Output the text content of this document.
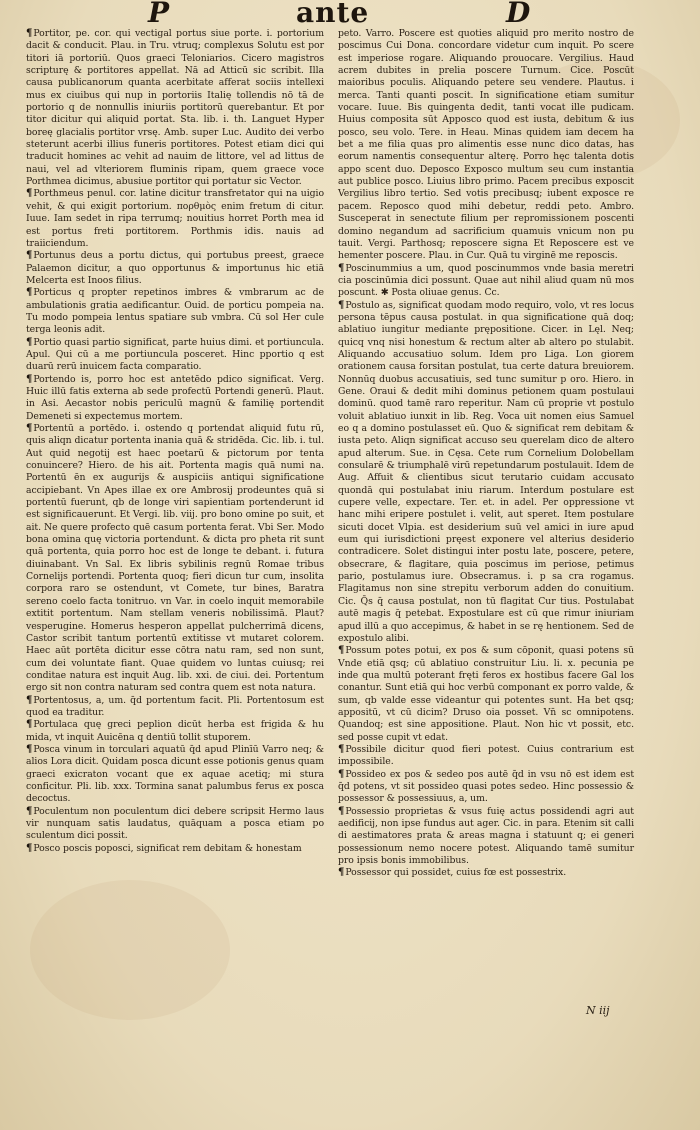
P	ante	D

¶Portitor, pe. cor. qui vectigal portus siue porte. i. portorium dacit & conducit. Plau. in Tru. vtruq; complexus Solutu est por titori iā portoriū. Quos graeci Teloniarios. Cicero magistros scripturę & portitores appellat. Nā ad Atticū sic scribit. Illa causa publicanorum quanta acerbitate afferat sociis intellexi mus ex ciuibus qui nup in portoriis Italię tollendis nō tā de portorio q de nonnullis iniuriis portitorū querebantur. Et por titor dicitur qui aliquid portat. Sta. lib. i. th. Languet Hyper boreę glacialis portitor vrsę. Amb. super Luc. Audito dei verbo steterunt acerbi illius funeris portitores. Potest etiam dici qui traducit homines ac vehit ad nauim de littore, vel ad littus de naui, vel ad vlteriorem fluminis ripam, quem graece voce Porthmea dicimus, abusiue portitor qui portatur sic Vector.

¶Porthmeus penul. cor. latine dicitur transfretator qui na uigio vehit, & qui exigit portorium. πορθμὸς enim fretum di citur. Iuue. Iam sedet in ripa terrumq; nouitius horret Porth mea id est portus freti portitorem. Porthmis idis. nauis ad traiiciendum.

¶Portunus deus a portu dictus, qui portubus preest, graece Palaemon dicitur, a quo opportunus & importunus hic etiā Melcerta est Inoos filius.

¶Porticus q propter repetinos imbres & vmbrarum ac de ambulationis gratia aedificantur. Ouid. de porticu pompeia na. Tu modo pompeia lentus spatiare sub vmbra. Cū sol Her cule terga leonis adit.

¶Portio quasi partio significat, parte huius dimi. et portiuncula. Apul. Qui cū a me portiuncula posceret. Hinc pportio q est duarū rerū inuicem facta comparatio.

¶Portendo is, porro hoc est antetēdo pdico significat. Verg. Huic illū fatis externa ab sede profectū Portendi generū. Plaut. in Asi. Aecastor nobis periculū magnū & familię portendit Demeneti si expectemus mortem.

¶Portentū a portēdo. i. ostendo q portendat aliquid futu rū, quis aliqn dicatur portenta inania quā & stridēda. Cic. lib. i. tul. Aut quid negotij est haec poetarū & pictorum por tenta conuincere? Hiero. de his ait. Portenta magis quā numi na. Portentū ēn ex augurijs & auspiciis antiqui significatione accipiebant. Vn Apes illae ex ore Ambrosij prodeuntes quā si portentū fuerunt, qb de longe viri sapientiam portenderunt id est significauerunt. Et Vergi. lib. viij. pro bono omine po suit, et ait. Ne quere profecto quē casum portenta ferat. Vbi Ser. Modo bona omina quę victoria portendunt. & dicta pro pheta rit sunt quā portenta, quia porro hoc est de longe te debant. i. futura diuinabant. Vn Sal. Ex libris sybilinis regnū Romae tribus Cornelijs portendi. Portenta quoq; fieri dicun tur cum, insolita corpora raro se ostendunt, vt Comete, tur bines, Baratra sereno coelo facta tonitruo. vn Var. in coelo inquit memorabile extitit portentum. Nam stellam veneris nobilissimā. Plaut? vesperugine. Homerus hesperon appellat pulcherrimā dicens, Castor scribit tantum portentū extitisse vt mutaret colorem. Haec aūt portēta dicitur esse cōtra natu ram, sed non sunt, cum dei voluntate fiant. Quae quidem vo luntas cuiusq; rei conditae natura est inquit Aug. lib. xxi. de ciui. dei. Portentum ergo sit non contra naturam sed contra quem est nota natura.

¶Portentosus, a, um. q̄d portentum facit. Pli. Portentosum est quod ea traditur.

¶Portulaca quę greci peplion dicūt herba est frigida & hu mida, vt inquit Auicēna q dentiū tollit stuporem.

¶Posca vinum in torculari aquatū q̄d apud Plinīū Varro neq; & alios Lora dicit. Quidam posca dicunt esse potionis genus quam graeci exicraton vocant que ex aquae acetiq; mi stura conficitur. Pli. lib. xxx. Tormina sanat palumbus ferus ex posca decoctus.

¶Poculentum non poculentum dici debere scripsit Hermo laus vir nunquam satis laudatus, quāquam a posca etiam po sculentum dici possit.

¶Posco poscis poposci, significat rem debitam & honestam

peto. Varro. Poscere est quoties aliquid pro merito nostro de poscimus Cui Dona. concordare videtur cum inquit. Po scere est imperiose rogare. Aliquando prouocare. Vergilius. Haud acrem dubites in prelia poscere Turnum. Cice. Poscūt maioribus poculis. Aliquando petere seu vendere. Plautus. i merca. Tanti quanti poscit. In significatione etiam sumitur vocare. Iuue. Bis quingenta dedit, tanti vocat ille pudicam. Huius composita sūt Apposco quod est iusta, debitum & ius posco, seu volo. Tere. in Heau. Minas quidem iam decem ha bet a me filia quas pro alimentis esse nunc dico datas, has eorum namentis consequentur alterę. Porro hęc talenta dotis appo scent duo. Deposco Exposco multum seu cum instantia aut publice posco. Liuius libro primo. Pacem precibus exposcit Vergilius libro tertio. Sed votis precibusq; iubent exposce re pacem. Reposco quod mihi debetur, reddi peto. Ambro. Susceperat in senectute filium per repromissionem poscenti domino negandum ad sacrificium quamuis vnicum non pu tauit. Vergi. Parthosq; reposcere signa Et Reposcere est ve hementer poscere. Plau. in Cur. Quā tu virginē me reposcis.

¶Poscinummius a um, quod poscinummos vnde basia meretri cia poscinūmia dici possunt. Quae aut nihil aliud quam nū mos poscunt. ✱ Posta oliuae genus. Cc.

¶Postulo as, significat quodam modo requiro, volo, vt res locus persona tēpus causa postulat. in qua significatione quā doq; ablatiuo iungitur mediante prępositione. Cicer. in Lęl. Neq; quicq vnq nisi honestum & rectum alter ab altero po stulabit. Aliquando accusatiuo solum. Idem pro Liga. Lon giorem orationem causa forsitan postulat, tua certe datura breuiorem. Nonnūq duobus accusatiuis, sed tunc sumitur p oro. Hiero. in Gene. Oraui & dedit mihi dominus petionem quam postulaui dominū. quod tamē raro reperitur. Nam cū proprie vt postulo voluit ablatiuo iunxit in lib. Reg. Voca uit nomen eius Samuel eo q a domino postulasset eū. Quo & significat rem debitam & iusta peto. Aliqn significat accuso seu querelam dico de altero apud alterum. Sue. in Cęsa. Cete rum Cornelium Dolobellam consularē & triumphalē virū repetundarum postulauit. Idem de Aug. Affuit & clientibus sicut terutario cuidam accusato quondā qui postulabat iniu riarum. Interdum postulare est cupere velle, expectare. Ter. et. in adel. Per oppressione vt hanc mihi eripere postulet i. velit, aut speret. Item postulare sicuti docet Vlpia. est desiderium suū vel amici in iure apud eum qui iurisdictioni pręest exponere vel alterius desiderio contradicere. Solet distingui inter postu late, poscere, petere, obsecrare, & flagitare, quia poscimus im periose, petimus pario, postulamus iure. Obsecramus. i. p sa cra rogamus. Flagitamus non sine strepitu verborum adden do conuitium. Cic. Q̄s q̄ causa postulat, non tū flagitat Cur tius. Postulabat autē magis q̄ petebat. Expostulare est cū que rimur iniuriam apud illū a quo accepimus, & habet in se rę hentionem. Sed de expostulo alibi.

¶Possum potes potui, ex pos & sum cōponit, quasi potens sū Vnde etiā qsq; cū ablatiuo construitur Liu. li. x. pecunia pe inde qua multū poterant fręti feros ex hostibus facere Gal los conantur. Sunt etiā qui hoc verbū componant ex porro valde, & sum, qb valde esse videantur qui potentes sunt. Ha bet qsq; appositū, vt cū dicim? Druso oia posset. Vn̄ sc omnipotens. Quandoq; est sine appositione. Plaut. Non hic vt possit, etc. sed posse cupit vt edat.

¶Possibile dicitur quod fieri potest. Cuius contrarium est impossibile.

¶Possideo ex pos & sedeo pos autē q̄d in vsu nō est idem est q̄d potens, vt sit possideo quasi potes sedeo. Hinc possessio & possessor & possessiuus, a, um.

¶Possessio proprietas & vsus fuię actus possidendi agri aut aedificij, non ipse fundus aut ager. Cic. in para. Etenim sit calli di aestimatores prata & areas magna i statuunt q; ei generi possessionum nemo nocere potest. Aliquando tamē sumitur pro ipsis bonis immobilibus.

¶Possessor qui possidet, cuius fœ est possestrix.

N iij
